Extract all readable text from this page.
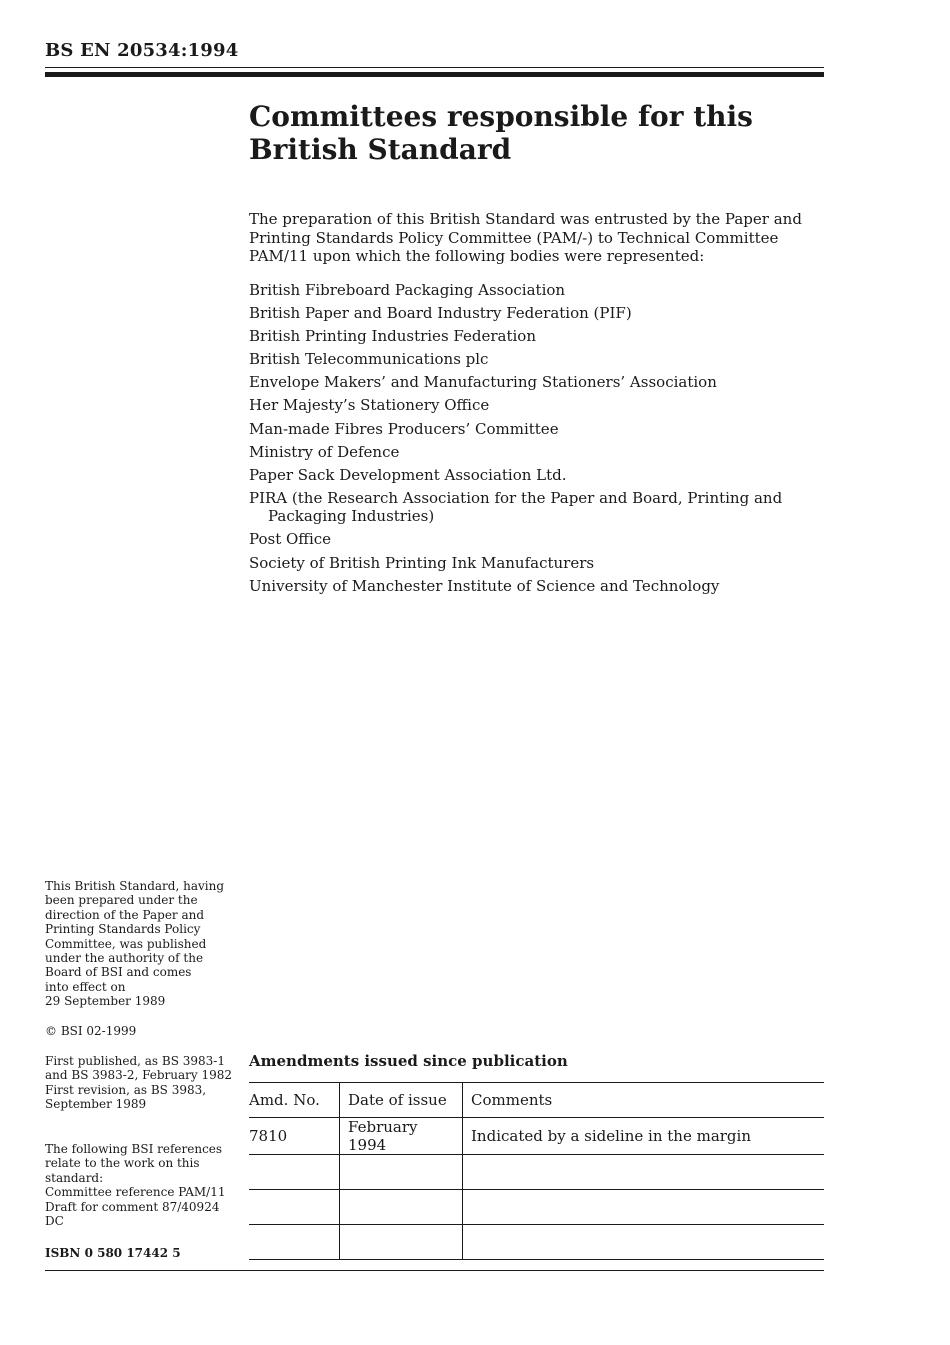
BS EN 20534:1994
Committees responsible for this British Standard

The preparation of this British Standard was entrusted by the Paper and Printing Standards Policy Committee (PAM/-) to Technical Committee PAM/11 upon which the following bodies were represented:

British Fibreboard Packaging Association
British Paper and Board Industry Federation (PIF)
British Printing Industries Federation
British Telecommunications plc
Envelope Makers’ and Manufacturing Stationers’ Association
Her Majesty’s Stationery Office
Man-made Fibres Producers’ Committee
Ministry of Defence
Paper Sack Development Association Ltd.
PIRA (the Research Association for the Paper and Board, Printing and Packaging Industries)
Post Office
Society of British Printing Ink Manufacturers
University of Manchester Institute of Science and Technology
This British Standard, having
been prepared under the
direction of the Paper and
Printing Standards Policy
Committee, was published
under the authority of the
Board of BSI and comes
into effect on
29 September 1989
© BSI 02-1999
First published, as BS 3983-1
and BS 3983-2, February 1982
First revision, as BS 3983,
September 1989
The following BSI references
relate to the work on this
standard:
Committee reference PAM/11
Draft for comment 87/40924 DC
ISBN 0 580 17442 5
Amendments issued since publication
Amd. No.	Date of issue	Comments
7810	February 1994	Indicated by a sideline in the margin
